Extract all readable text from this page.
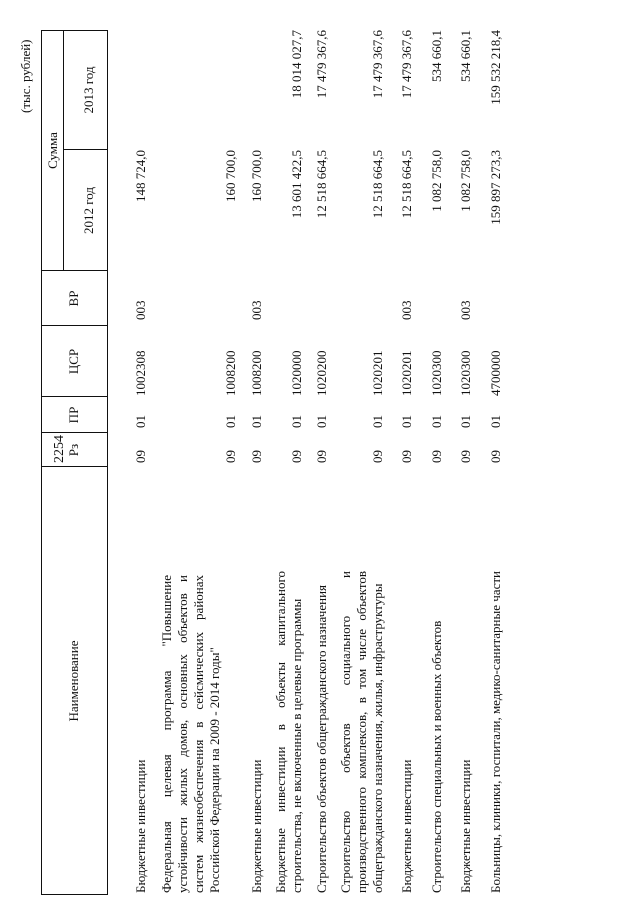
2254
(тыс. рублей)
Наименование
Рз
ПР
ЦСР
ВР
Сумма
2012 год
2013 год
Бюджетные инвестиции
09
01
1002308
003
148 724,0
Федеральная целевая программа "Повышение устойчивости жилых домов, основных объектов и систем жизнеобеспечения в сейсмических районах Российской Федерации на 2009 - 2014 годы"
09
01
1008200
160 700,0
Бюджетные инвестиции
09
01
1008200
003
160 700,0
Бюджетные инвестиции в объекты капитального строительства, не включенные в целевые программы
09
01
1020000
13 601 422,5
18 014 027,7
Строительство объектов общегражданского назначения
09
01
1020200
12 518 664,5
17 479 367,6
Строительство объектов социального и производственного комплексов, в том числе объектов общегражданского назначения, жилья, инфраструктуры
09
01
1020201
12 518 664,5
17 479 367,6
Бюджетные инвестиции
09
01
1020201
003
12 518 664,5
17 479 367,6
Строительство специальных и военных объектов
09
01
1020300
1 082 758,0
534 660,1
Бюджетные инвестиции
09
01
1020300
003
1 082 758,0
534 660,1
Больницы, клиники, госпитали, медико-санитарные части
09
01
4700000
159 897 273,3
159 532 218,4
